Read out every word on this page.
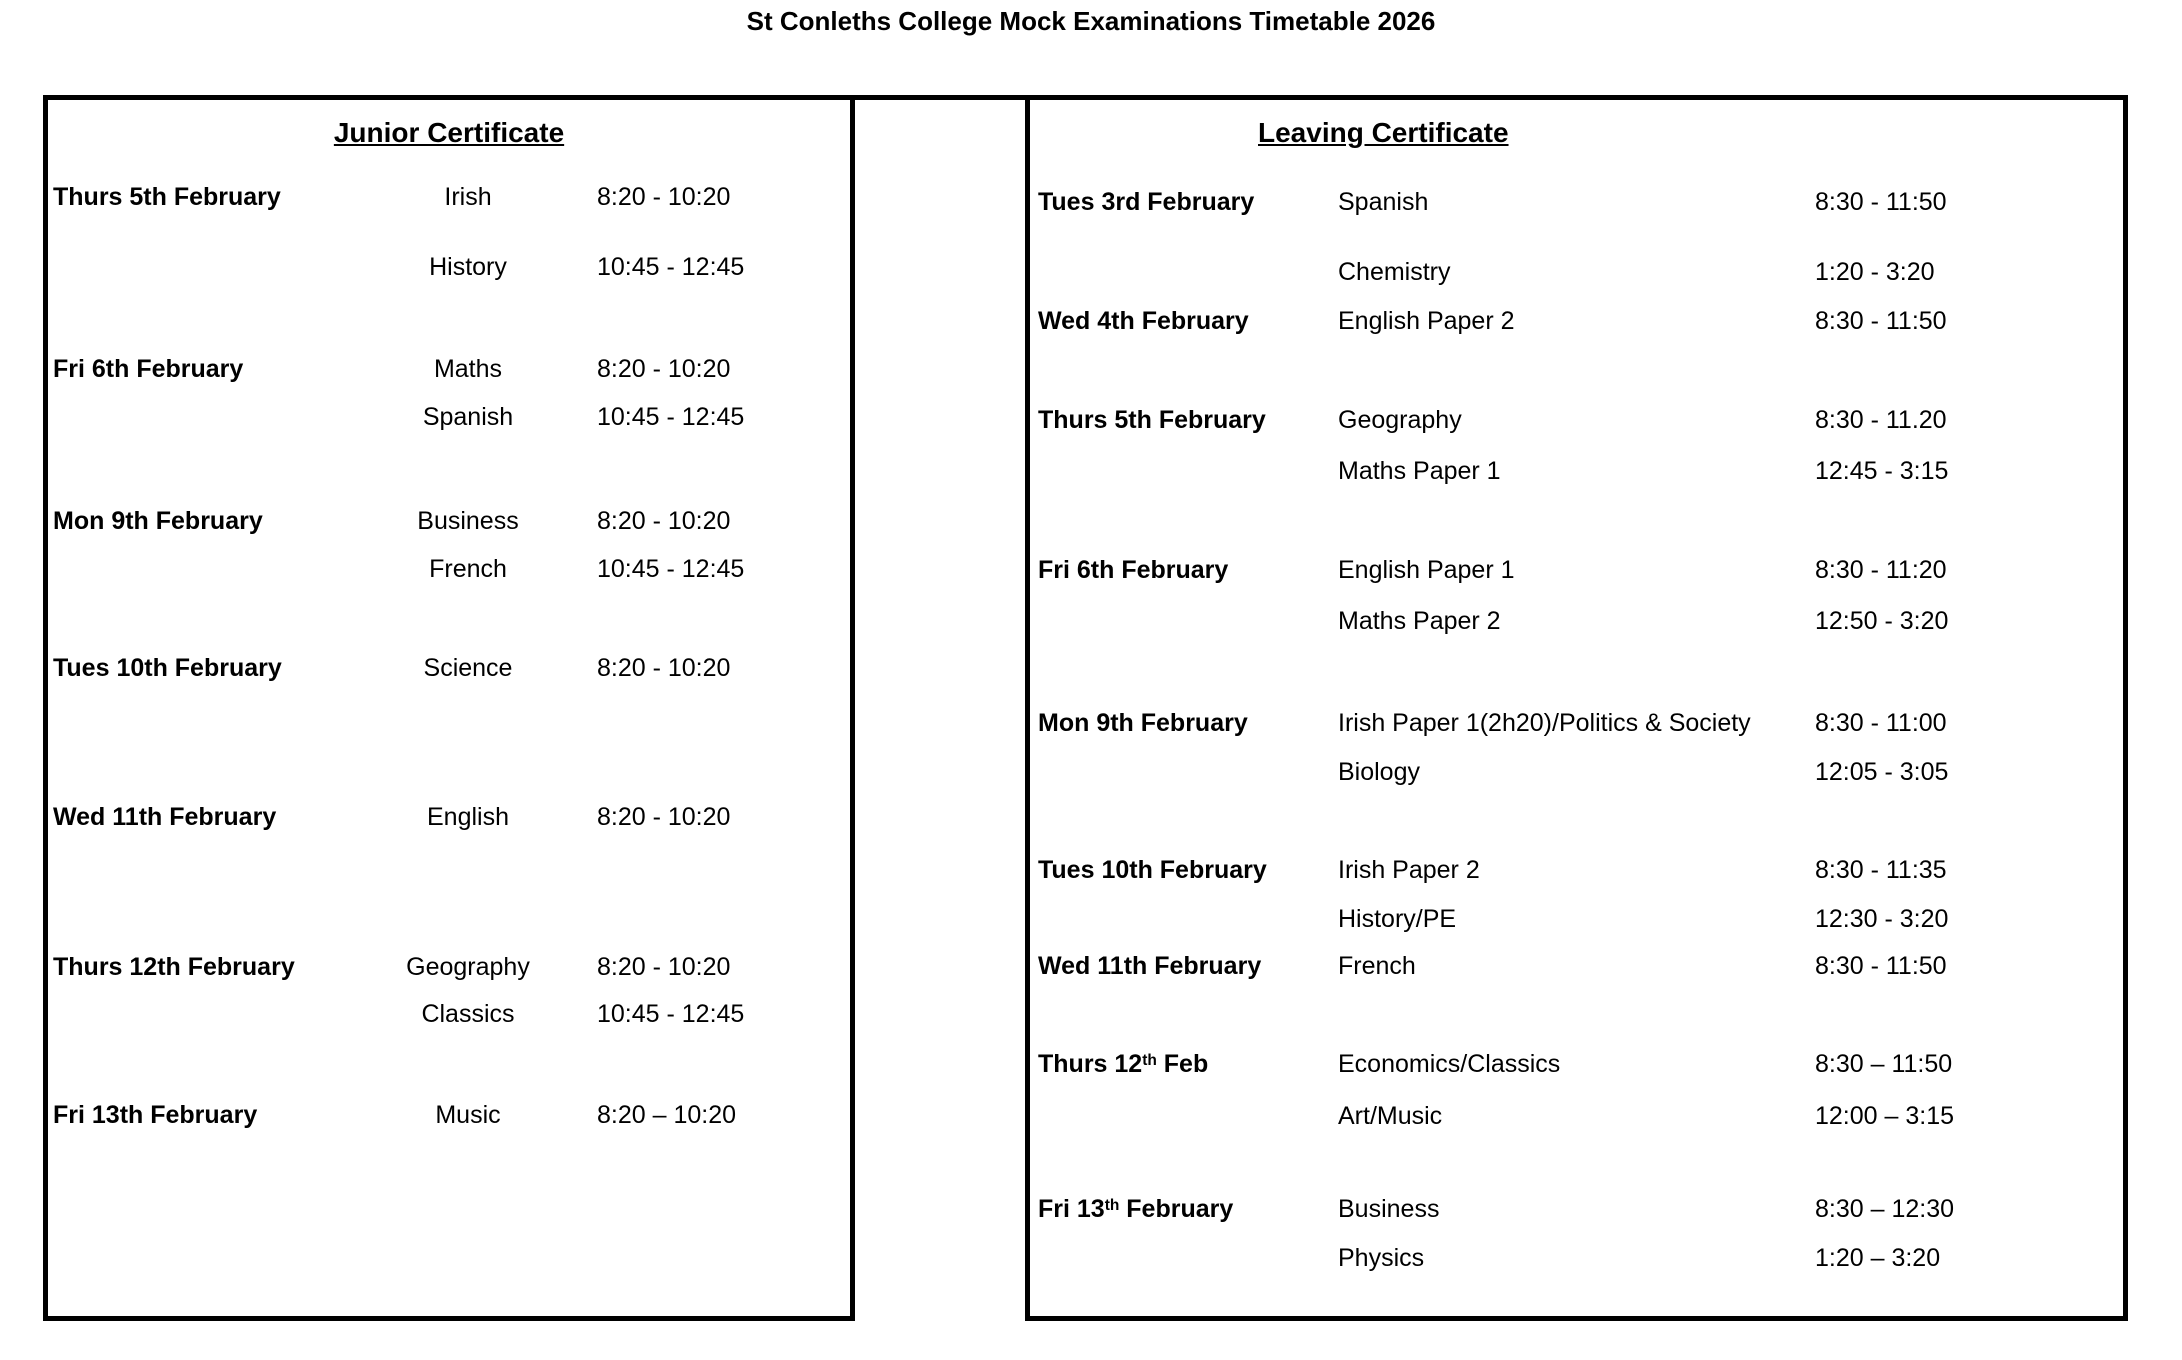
St Conleths College Mock Examinations Timetable 2026
Junior Certificate
Thurs 5th February	Irish	8:20 - 10:20
History	10:45 - 12:45
Fri 6th February	Maths	8:20 - 10:20
Spanish	10:45 - 12:45
Mon 9th February	Business	8:20 - 10:20
French	10:45 - 12:45
Tues 10th February	Science	8:20 - 10:20
Wed 11th February	English	8:20 - 10:20
Thurs 12th February	Geography	8:20 - 10:20
Classics	10:45 - 12:45
Fri 13th February	Music	8:20 – 10:20
Leaving Certificate
Tues 3rd February	Spanish	8:30 - 11:50
Chemistry	1:20 - 3:20
Wed 4th February	English Paper 2	8:30 - 11:50
Thurs 5th February	Geography	8:30 - 11.20
Maths Paper 1	12:45 - 3:15
Fri 6th February	English Paper 1	8:30 - 11:20
Maths Paper 2	12:50 - 3:20
Mon 9th February	Irish Paper 1(2h20)/Politics & Society	8:30 - 11:00
Biology	12:05 - 3:05
Tues 10th February	Irish Paper 2	8:30 - 11:35
History/PE	12:30 - 3:20
Wed 11th February	French	8:30 - 11:50
Thurs 12th Feb	Economics/Classics	8:30 – 11:50
Art/Music	12:00 – 3:15
Fri 13th February	Business	8:30 – 12:30
Physics	1:20 – 3:20
